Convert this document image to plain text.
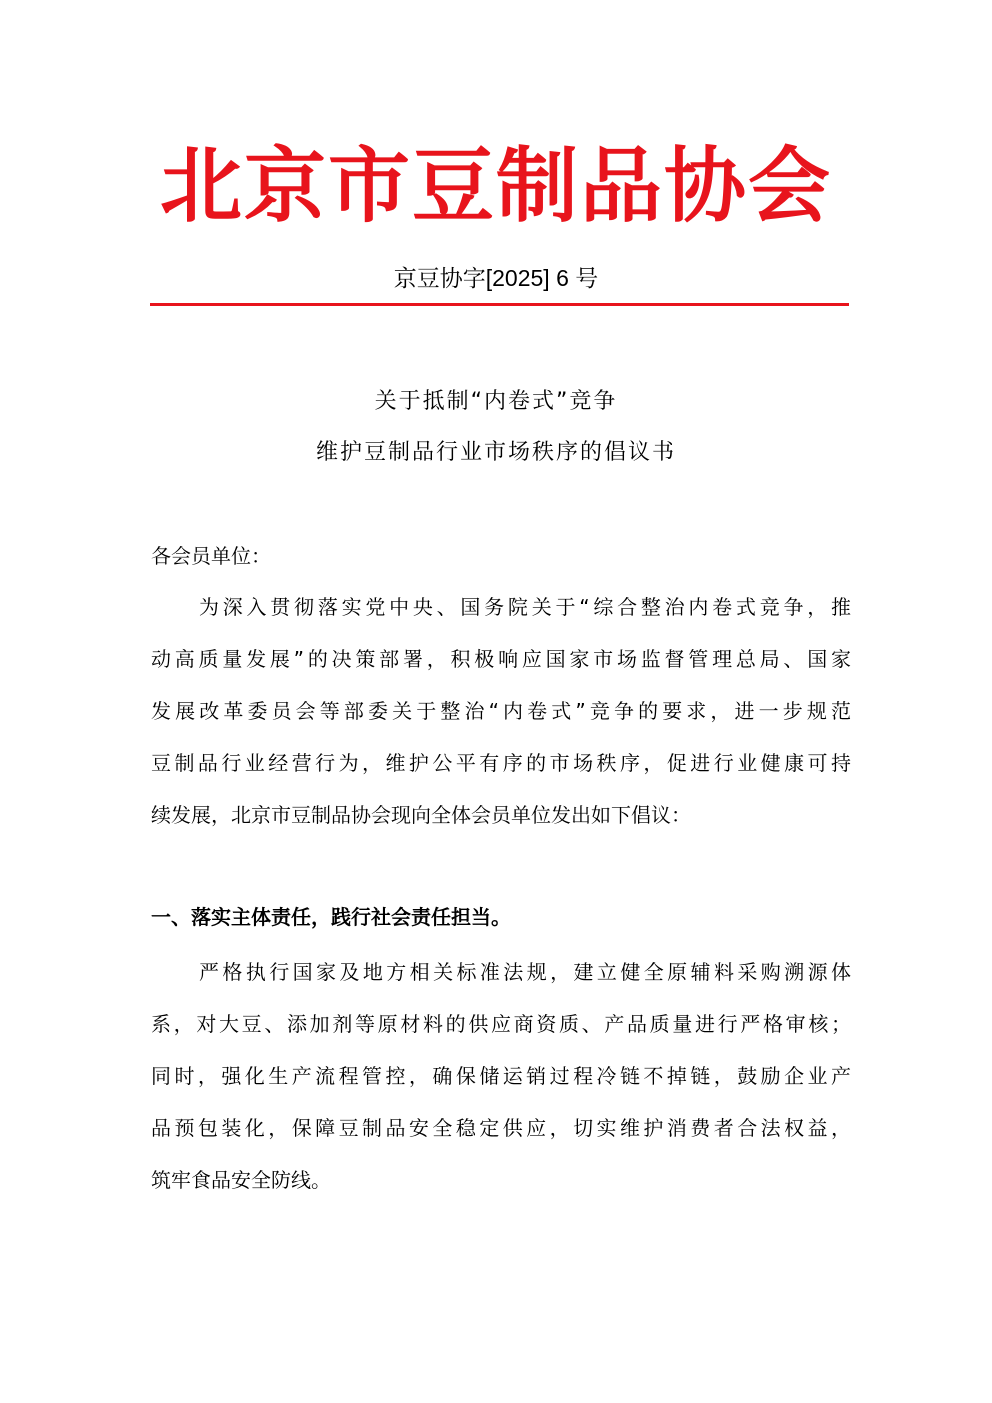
北京市豆制品协会
京豆协字[2025] 6 号
关于抵制“内卷式”竞争
维护豆制品行业市场秩序的倡议书
各会员单位：
为深入贯彻落实党中央、国务院关于“综合整治内卷式竞争，推
动高质量发展”的决策部署，积极响应国家市场监督管理总局、国家
发展改革委员会等部委关于整治“内卷式”竞争的要求，进一步规范
豆制品行业经营行为，维护公平有序的市场秩序，促进行业健康可持
续发展，北京市豆制品协会现向全体会员单位发出如下倡议：
一、落实主体责任，践行社会责任担当。
严格执行国家及地方相关标准法规，建立健全原辅料采购溯源体
系，对大豆、添加剂等原材料的供应商资质、产品质量进行严格审核；
同时，强化生产流程管控，确保储运销过程冷链不掉链，鼓励企业产
品预包装化，保障豆制品安全稳定供应，切实维护消费者合法权益，
筑牢食品安全防线。
